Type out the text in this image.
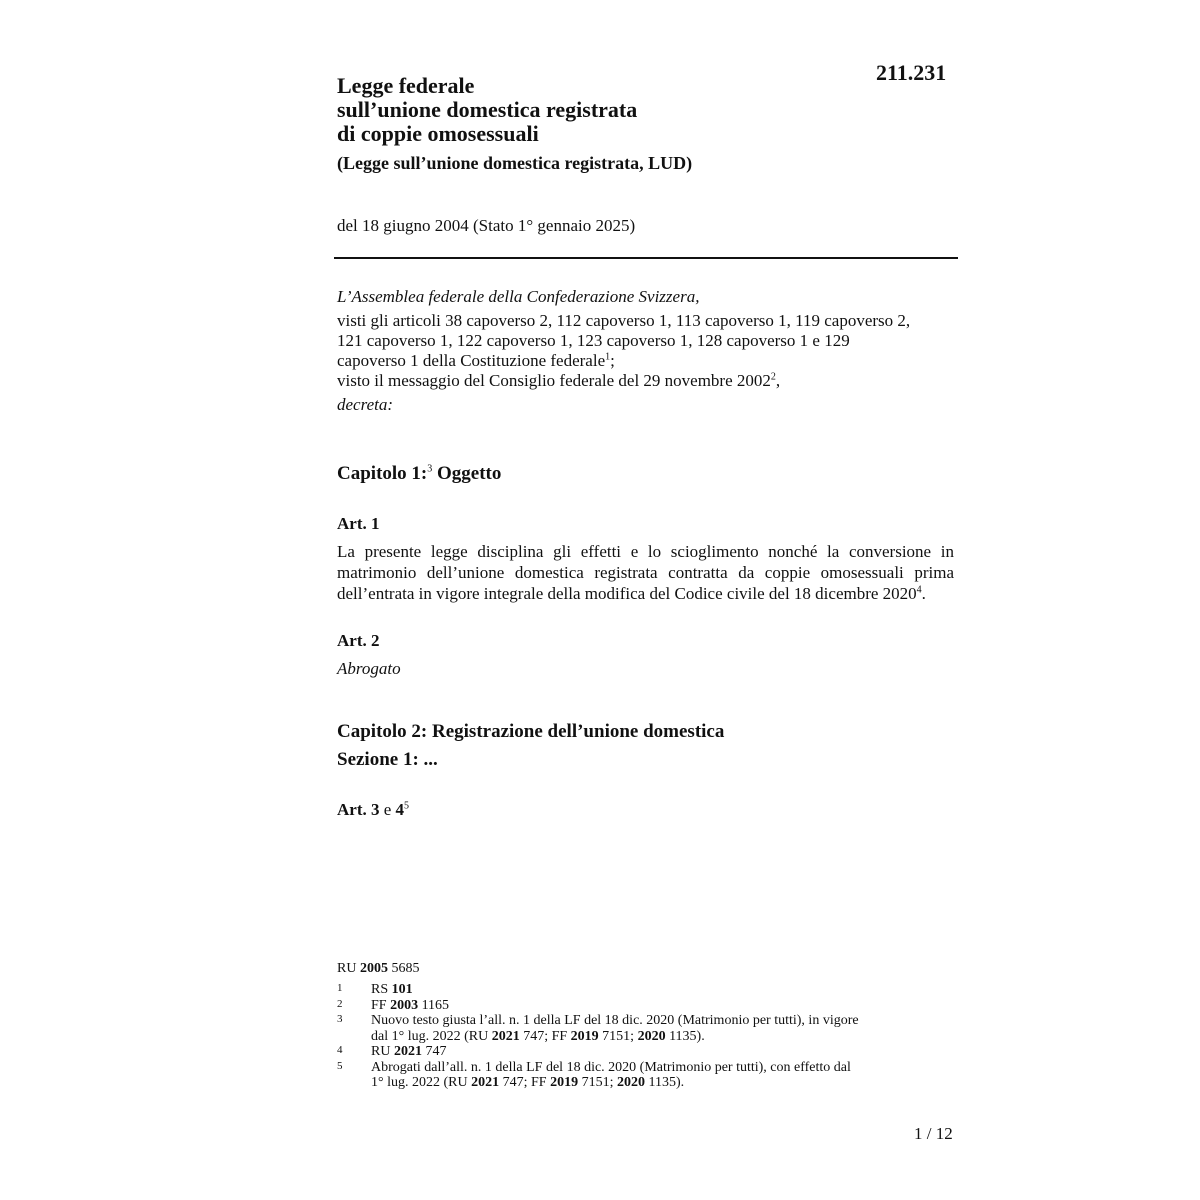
211.231
Legge federale
sull’unione domestica registrata
di coppie omosessuali
(Legge sull’unione domestica registrata, LUD)
del 18 giugno 2004 (Stato 1° gennaio 2025)

L’Assemblea federale della Confederazione Svizzera,

visti gli articoli 38 capoverso 2, 112 capoverso 1, 113 capoverso 1, 119 capoverso 2,

121 capoverso 1, 122 capoverso 1, 123 capoverso 1, 128 capoverso 1 e 129

capoverso 1 della Costituzione federale$^1$;

visto il messaggio del Consiglio federale del 29 novembre 2002$^2$,

decreta:

Capitolo 1:$^3$ Oggetto
Art. 1

La presente legge disciplina gli effetti e lo scioglimento nonché la conversione in matrimonio dell’unione domestica registrata contratta da coppie omosessuali prima dell’entrata in vigore integrale della modifica del Codice civile del 18 dicembre 2020$^4$.

Art. 2
Abrogato
Capitolo 2: Registrazione dell’unione domestica
Sezione 1: ...
Art. 3 e $4^5$
RU 2005 5685
1	RS 101
2	FF 2003 1165
3	Nuovo testo giusta l’all. n. 1 della LF del 18 dic. 2020 (Matrimonio per tutti), in vigore
dal 1° lug. 2022 (RU 2021 747; FF 2019 7151; 2020 1135).
4	RU 2021 747
5	Abrogati dall’all. n. 1 della LF del 18 dic. 2020 (Matrimonio per tutti), con effetto dal
1° lug. 2022 (RU 2021 747; FF 2019 7151; 2020 1135).
1 / 12
